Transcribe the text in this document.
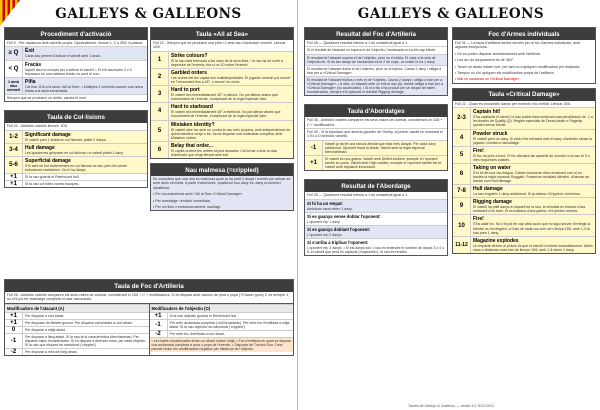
GALLEYS & GALLEONS
Procediment d'activació
Full 9 - Per cadascun dels vaixells propis. Opcionalment, llencar 1, 2 o 3D6. A passar.
≥ Q	Èxit
Cada dau permet d'activar el vaixell amb 1 acció.
< Q
Fracàs
Aquell dau no compta per a activar el vaixell. • Si s'hi acumulen 2 o 3 fracassos en una mateixa tirada, es perd el torn.
1 amb dau vermell
Pífia
Cal tirar 1D6 a la taula «All at Sea». • Múltiples 1 vermells causen una única tirada a la taula esmentada.
Sempre que se produeixi un doble, canvia el vent.
Taula de Col·lisions
Full 22 - Ambdós vaixells llencen 1D6.
1-2	Significant damage
El vaixell pren 1 tirada en col·lisionar, patint 2 danys.
3-4	Hull damage
Les quadernes grinyolen en col·lisionar i el vaixell patint 1 dany.
5-6
Superficial damage
S'hi sent un fort estremiment en col·lisionar la nau, però les seves estructures resisteixen. No hi ha danys.
+1	Si la nau guarda el Reinforced hull.
+1	Si la nau col·lideix contra bauques.
Taula «All at Sea»
Full 22 - Sempre que es produeixi una pífia i 1 amb dau d'activació vermell. Llencar 1D6.
1
Strike colours?
Si la nau està trencada a les naus de la seva flota, i la nau ha de sortir a dependre de l'enemic; tira si no 10 sobre l'enemic.
2
Garbled orders
Les ordres del teu capità són malinterpretades. El jugador contrari pot moure' en Trencament fins a 45°, o moure' en recta.
3
Hard to port
El vaixell vira immediatament 45° a babord. No pot alterar abans que encarament de l'enemic, exceptuant de la regla especial Vare.
4
Hard to starboard
El vaixell vira immediatament 45° a estribord. No pot alterar abans que encarament de l'enemic, exceptuant de la regla especial Vare.
5
Mistaken identity?
El vaixell obre foc amb un contra la nau més propera, amb independència de quina bandera oneja o bé, ha de disparar una andanada completa, amb Mistaken ordres.
6
Belay that order...
El capità ordena les ordres tot just donades. Cal tornar a tirar un dau d'activació que s'haji llençat amb èxit.
Nau malmesa (=crippled)
Es considera que una nau és malmesa quan ja ha patit 3 danys i només pot activar-se amb dues vermells. A partir d'aleshores, qualsevol nou dany és: dany econòmic i injustificat.
• Per inconsistència amb: l'All at Sea «Critical Damage».
• Per avantatge: rendició immediata.
• Per col·lisió o embarrancament: naufragi.
Taula de Foc d'Artilleria
Full 26 - Ambdós vaixells comparen els seus valors de combat, considerant el 1D6 + C + modificadors. Si es dispara amb canons de proa o popa (+Chaser guns) C es sempre 1, no s'hi pot fer avantatge completa ni usar canonades.
Modificadors de l'atacant (A)
+1	Per disparar a curt abast.
+1	Per disposar de Master gunner. Per disparar carronades a curt abast.
0	Per disparar a mitjà abast.
-1
Per disparar a llarg abast. Si la nau té la característica Merchantman. Per disparar bales encadenades. Si es dispara a diverses naus, per cada objectiu. Si la nau que dispara ha maniobrat ('crippled').
-2	Per disparar a més de llarg abast.
Modificadors de l'objectiu (O)
+1	Si la nau objectiu guarda el Reinforced hull.
-1	Per retre andanada completa (=full broadside). Per retre foc d'enfilada a mitjà abast. Si la nau objectiu ha maniobrat ('crippled').
-2	Per retre foc d'enfilada a curt abast.
• Les bales encadenades tenen un abast màxim mitjà. • Foc d'enfilada és quan es dispara una andanada completa a proa o popa de l'enemic. • Disposar de Trained Gun Crew permet reduir els modificadors negatius per distància de l'objectiu.
GALLEYS & GALLEONS
Resultat del Foc d'Artilleria
Full 28 — Qualsevol resultat inferior a 1 es considerat igual a 1.
Si el resultat de l'atacant no supera el de l'objectiu, l'andanada no ha fet cap efecte.
El resultat de l'atacant supera el de l'objectiu, però no el dobla. El valor a la vela de l'objectiu és. Si es fan danys de l'andanada és el 2 de cops...la unitat: hi ha 1 dany.
El resultat de l'atacant dobla el de l'objectiu, però no el triplica. Causa 1 dany i obliga a tirar per a «Critical Damage».
El resultat de l'atacant triplica o més el de l'objectiu. Causa 2 danys i obliga a tirar per a «Critical Damage». • A més, a l'atacant obté un èxit al dau (6), també obliga a tirar per a «Critical Damage» (no acumulatiu). • Si el crític s'ha produït per un dispar de bales encadenades, sempre s'hi aplicarà el resultat Rigging damage.
Taula d'Abordatges
Full 36 - Ambdós vaixells comparen els seus valors de combat, considerant un 1D6 + C + modificadors.
Full 39 - Si la tripulació que aborda gaudeix de Gentry, al primer assalt es mostrarà el 1 Ex a D'ambdós vaixells.
-1
Vaixell ja ha fet una ranura afectat que està més danyat. Per cada dany addicional. Oponent tirarà la tirada. Vaixell amb la regla especial Merchantman.
+1
El vaixell és una galera. Vaixell amb Drilled soldiers, excepte si l'oponent també en porta. Vaixell amb High castles, excepte si l'oponent també les té. Vaixell amb tripulació inconstant.
Resultat de l'Abordatge
Full 35 — Qualsevol resultat inferior a 1 es considerat igual a 1.
Si hi ha un empat:
Ambdues naus reben 1 dany.
Si es guanya sense doblar l'oponent:
L'oponent rep 1 dany.
Si es guanya doblant l'oponent:
L'oponent rep 2 danys.
Si s'arriba a triplicar l'oponent:
L'oponent rep 3 danys. • Si els danys són 1 nau en entendre el nombre de danys 3 o 4 o 5: el vaixell que perd és capturat («captured»), la nau es rendeix.
Foc d'Armes individuals
Full 31 — La taula d'artilleria també serveix per al foc d'armes individuals, amb algunes excepcions:
• No es poden disparar simultàniament amb l'artilleria.
• Llur arc de disparament és de 360°.
• Tenen un abast màxim curt, per tant no s'apliquen modificadors per distància.
• Tampoc no s'hi apliquen els modificadors propis de l'artilleria.
• Mai no causaran un «Critical Damage».
Taula «Critical Damage»
Full 22 - Quan es produeixin danys per incendi o foc enfilat. Llencar 2D6.
2-3
Captain hit!
S'ha capitanat el vaixell, la nau patirà d'ara endavant una penalització de -1 a les tirades de Quality (Q). Regles especials de Dread pirate o Flagship queden sense efecte.
4
Powder struck
El vaixell perd un dany. Si està s'ha extraviat més el dany d'ambdós sense la jugada i combat a l'abordatge.
5
Fire!
El foc ha pres a bord. El foc afectarà als aparells de munició si la nau té 3 o més esquerdes patides.
6
Taking on water
S'hi ha fet una via d'aigua. Caldrà maniobrar d'ara endavant com si es tractés la regla especial Sluggish. Posteriors resultats idèntics: d'hauran de tractar com Hull damage.
7-8	Hull damage
La nau engoleix 1 dany addicional. Si ja estava «Crippled» s'enfonsa.
9
Rigging damage
El vaixell ha patit danys a l'aparell de la nau, la velocitat es redueix d'ara endavant d'un tram. Si es tractava d'una galera, s'hi perden remers.
10
Fire!
S'ha calat foc. No s'hi pot fer cap altra acció que no sigui provar d'extingir-lo. Mentre no s'extingeixi, a l'inici de cada nou torn se'n llença 1D6, amb 1-3 la nau pren 1 dany.
11-12
Magazine explodes
Un impacte directe al polvorí fa que el vaixell s'enfonsi immediatament. Altres naus a distància curta han de llençar 1D6; amb 1-3 reben 1 dany.
Taules de Galleys & Galleons — versió 4.0, 8/11/2021
